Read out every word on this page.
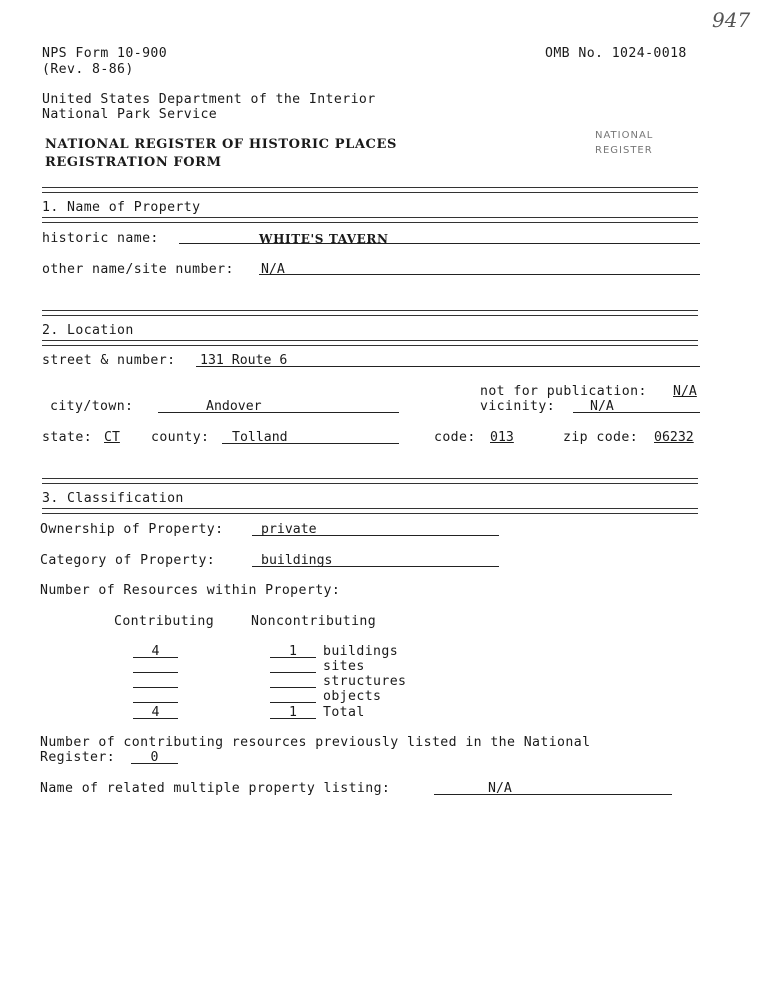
947
NPS Form 10-900
(Rev. 8-86)
OMB No. 1024-0018
NATIONAL
REGISTER
United States Department of the Interior
National Park Service
NATIONAL REGISTER OF HISTORIC PLACES
REGISTRATION FORM
1. Name of Property
historic name:	WHITE'S TAVERN
other name/site number: N/A
2. Location
street & number: 131 Route 6
not for publication: N/A
city/town:	Andover	vicinity:	N/A
state: CT county: Tolland	code: 013	zip code: 06232
3. Classification
Ownership of Property:	private
Category of Property:	buildings
Number of Resources within Property:
Contributing	Noncontributing
4	1	buildings
sites
structures
objects
4	1	Total
Number of contributing resources previously listed in the National
Register:	0
Name of related multiple property listing:	N/A
